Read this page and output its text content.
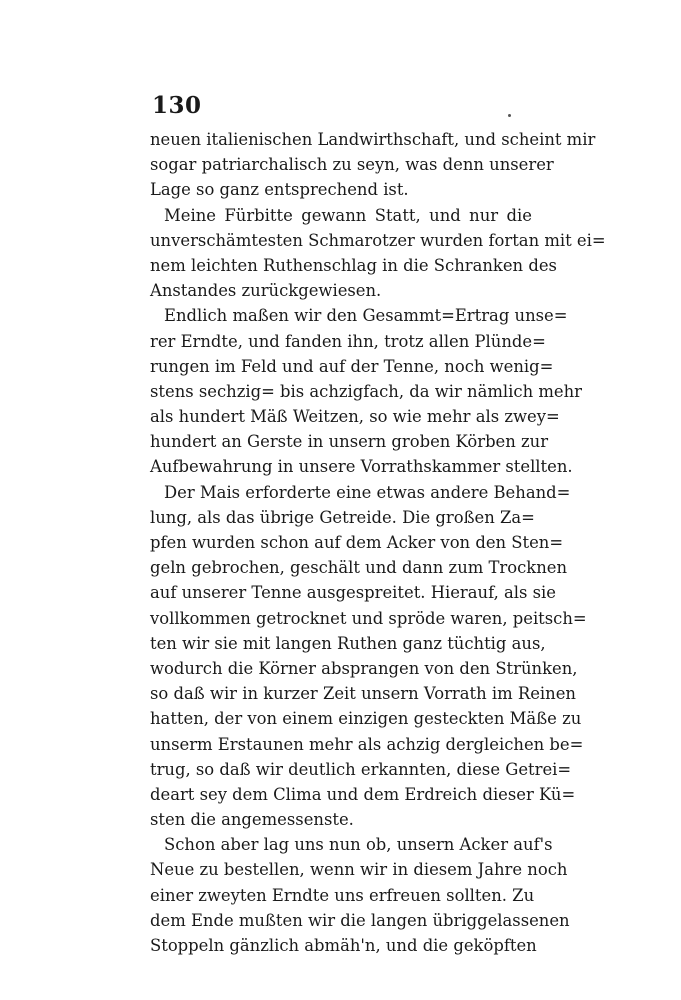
130
neuen italienischen Landwirthschaft, und scheint mir
sogar patriarchalisch zu seyn, was denn unserer
Lage so ganz entsprechend ist.
Meine Fürbitte gewann Statt, und nur die
unverschämtesten Schmarotzer wurden fortan mit ei=
nem leichten Ruthenschlag in die Schranken des
Anstandes zurückgewiesen.
Endlich maßen wir den Gesammt=Ertrag unse=
rer Erndte, und fanden ihn, trotz allen Plünde=
rungen im Feld und auf der Tenne, noch wenig=
stens sechzig= bis achzigfach, da wir nämlich mehr
als hundert Mäß Weitzen, so wie mehr als zwey=
hundert an Gerste in unsern groben Körben zur
Aufbewahrung in unsere Vorrathskammer stellten.
Der Mais erforderte eine etwas andere Behand=
lung, als das übrige Getreide. Die großen Za=
pfen wurden schon auf dem Acker von den Sten=
geln gebrochen, geschält und dann zum Trocknen
auf unserer Tenne ausgespreitet. Hierauf, als sie
vollkommen getrocknet und spröde waren, peitsch=
ten wir sie mit langen Ruthen ganz tüchtig aus,
wodurch die Körner absprangen von den Strünken,
so daß wir in kurzer Zeit unsern Vorrath im Reinen
hatten, der von einem einzigen gesteckten Mäße zu
unserm Erstaunen mehr als achzig dergleichen be=
trug, so daß wir deutlich erkannten, diese Getrei=
deart sey dem Clima und dem Erdreich dieser Kü=
sten die angemessenste.
Schon aber lag uns nun ob, unsern Acker auf's
Neue zu bestellen, wenn wir in diesem Jahre noch
einer zweyten Erndte uns erfreuen sollten. Zu
dem Ende mußten wir die langen übriggelassenen
Stoppeln gänzlich abmäh'n, und die geköpften
